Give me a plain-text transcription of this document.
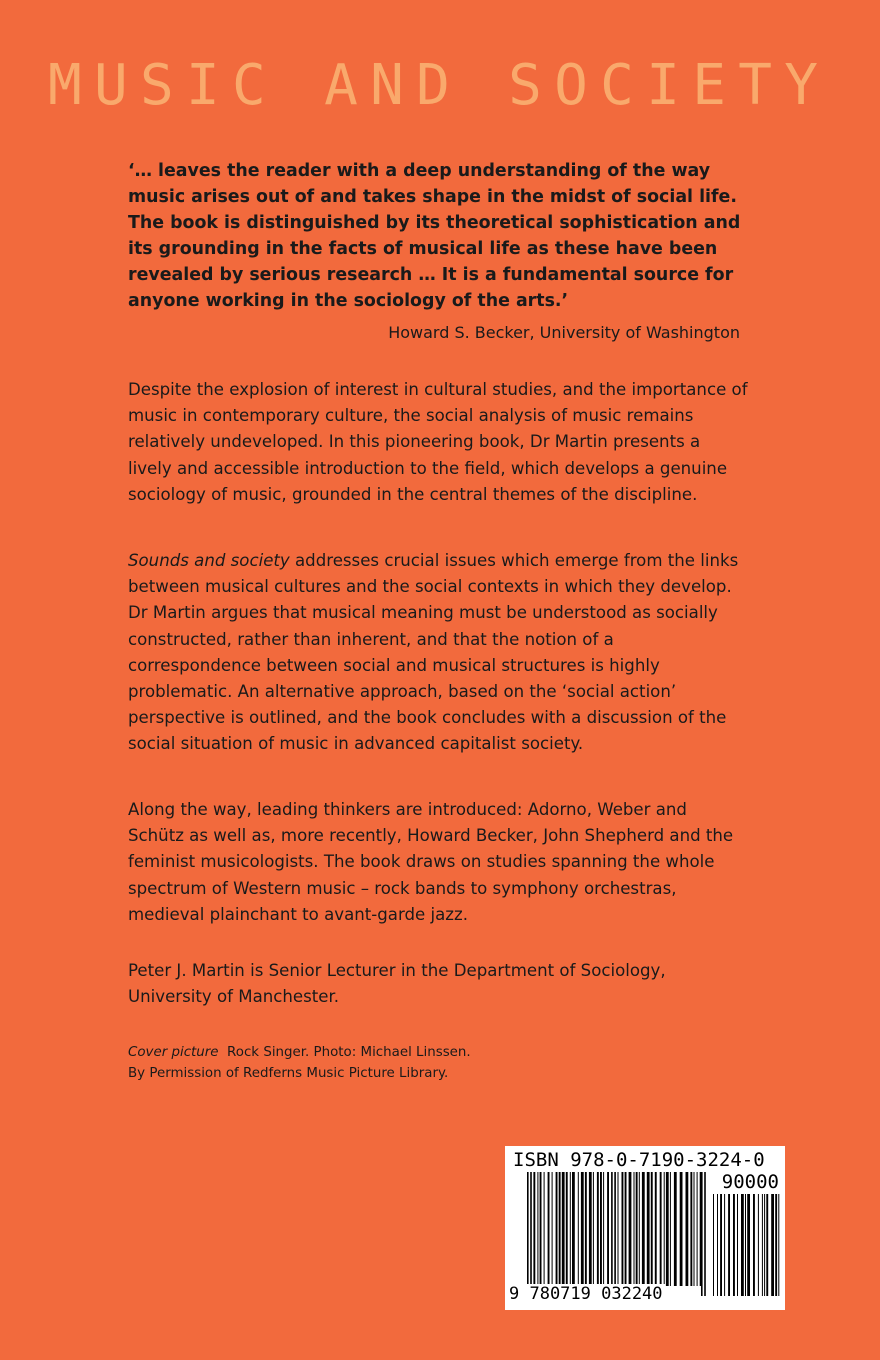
MUSIC AND SOCIETY

‘… leaves the reader with a deep understanding of the way music arises out of and takes shape in the midst of social life. The book is distinguished by its theoretical sophistication and its grounding in the facts of musical life as these have been revealed by serious research … It is a fundamental source for anyone working in the sociology of the arts.’

Howard S. Becker, University of Washington

Despite the explosion of interest in cultural studies, and the importance of music in contemporary culture, the social analysis of music remains relatively undeveloped. In this pioneering book, Dr Martin presents a lively and accessible introduction to the field, which develops a genuine sociology of music, grounded in the central themes of the discipline.

Sounds and society addresses crucial issues which emerge from the links between musical cultures and the social contexts in which they develop. Dr Martin argues that musical meaning must be understood as socially constructed, rather than inherent, and that the notion of a correspondence between social and musical structures is highly problematic. An alternative approach, based on the ‘social action’ perspective is outlined, and the book concludes with a discussion of the social situation of music in advanced capitalist society.

Along the way, leading thinkers are introduced: Adorno, Weber and Schütz as well as, more recently, Howard Becker, John Shepherd and the feminist musicologists. The book draws on studies spanning the whole spectrum of Western music – rock bands to symphony orchestras, medieval plainchant to avant-garde jazz.

Peter J. Martin is Senior Lecturer in the Department of Sociology, University of Manchester.

Cover picture Rock Singer. Photo: Michael Linssen.
By Permission of Redferns Music Picture Library.

ISBN 978-0-7190-3224-0
90000
9 780719 032240
